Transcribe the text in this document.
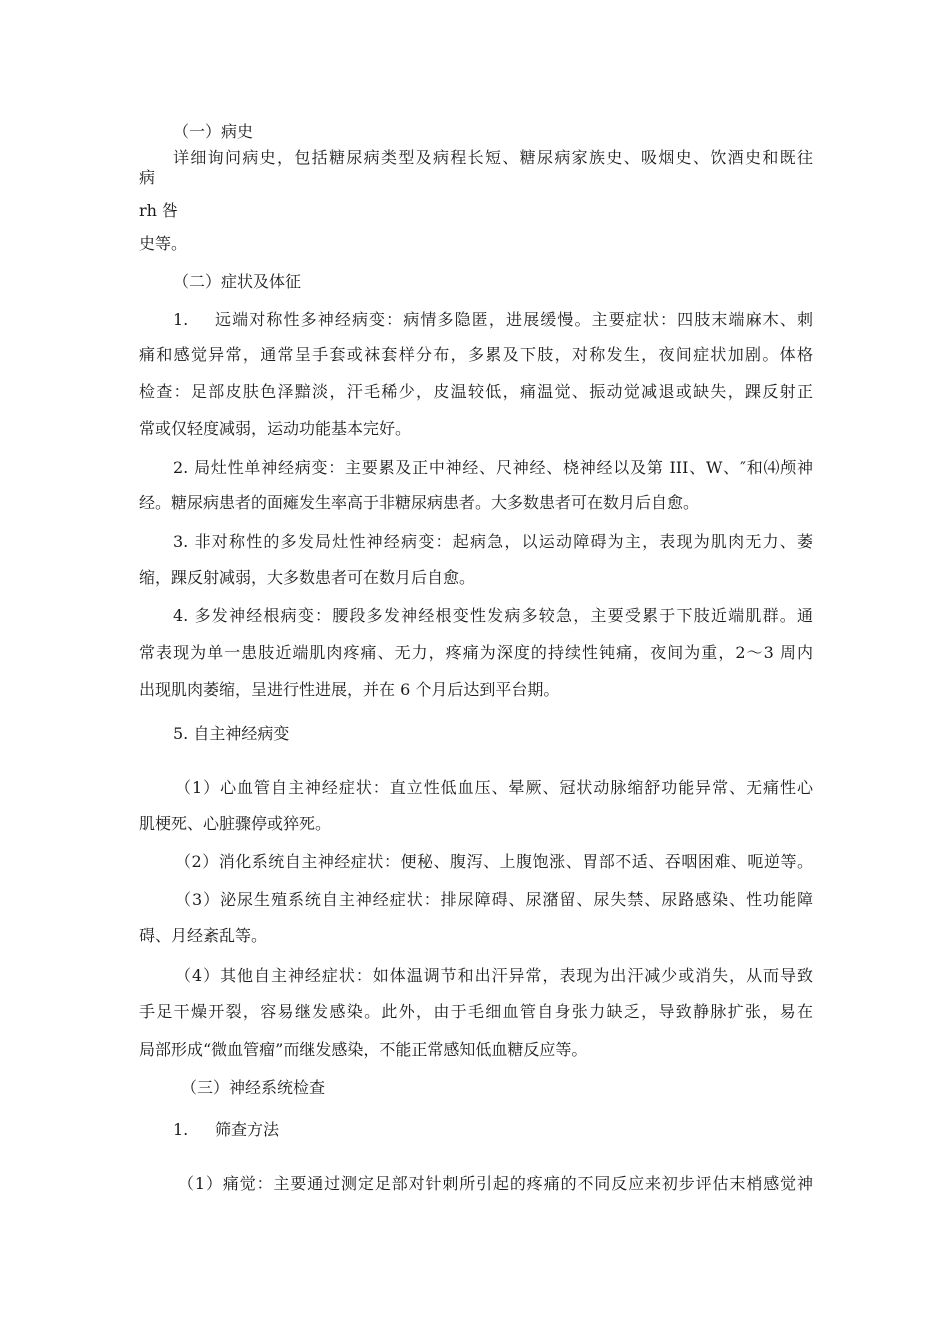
（一）病史
详细询问病史，包括糖尿病类型及病程长短、糖尿病家族史、吸烟史、饮酒史和既往
病
rh 咎
史等。
（二）症状及体征
1. 远端对称性多神经病变：病情多隐匿，进展缓慢。主要症状：四肢末端麻木、刺
痛和感觉异常，通常呈手套或袜套样分布，多累及下肢，对称发生，夜间症状加剧。体格
检查：足部皮肤色泽黯淡，汗毛稀少，皮温较低，痛温觉、振动觉减退或缺失，踝反射正
常或仅轻度减弱，运动功能基本完好。
2. 局灶性单神经病变：主要累及正中神经、尺神经、桡神经以及第 III、W、″和⑷颅神
经。糖尿病患者的面瘫发生率高于非糖尿病患者。大多数患者可在数月后自愈。
3. 非对称性的多发局灶性神经病变：起病急，以运动障碍为主，表现为肌肉无力、萎
缩，踝反射减弱，大多数患者可在数月后自愈。
4. 多发神经根病变：腰段多发神经根变性发病多较急，主要受累于下肢近端肌群。通
常表现为单一患肢近端肌肉疼痛、无力，疼痛为深度的持续性钝痛，夜间为重，2〜3 周内
出现肌肉萎缩，呈进行性进展，并在 6 个月后达到平台期。
5. 自主神经病变
（1）心血管自主神经症状：直立性低血压、晕厥、冠状动脉缩舒功能异常、无痛性心
肌梗死、心脏骤停或猝死。
（2）消化系统自主神经症状：便秘、腹泻、上腹饱涨、胃部不适、吞咽困难、呃逆等。
（3）泌尿生殖系统自主神经症状：排尿障碍、尿潴留、尿失禁、尿路感染、性功能障
碍、月经紊乱等。
（4）其他自主神经症状：如体温调节和出汗异常，表现为出汗减少或消失，从而导致
手足干燥开裂，容易继发感染。此外，由于毛细血管自身张力缺乏，导致静脉扩张，易在
局部形成“微血管瘤”而继发感染，不能正常感知低血糖反应等。
（三）神经系统检查
1. 筛查方法
（1）痛觉：主要通过测定足部对针刺所引起的疼痛的不同反应来初步评估末梢感觉神
